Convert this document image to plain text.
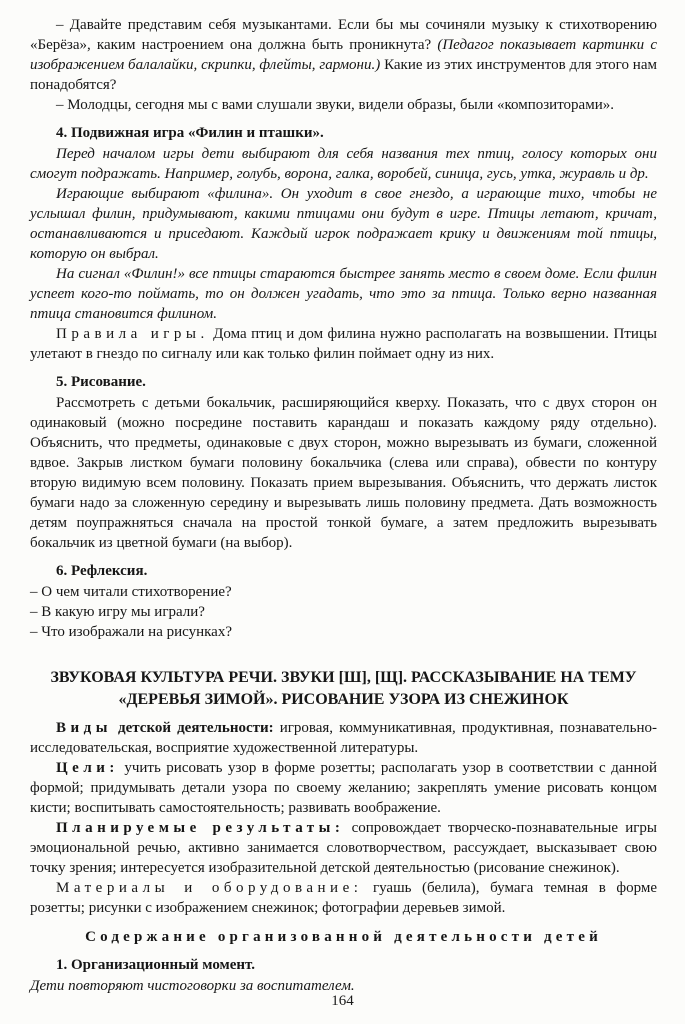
– Давайте представим себя музыкантами. Если бы мы сочиняли музыку к стихотворению «Берёза», каким настроением она должна быть проникнута? (Педагог показывает картинки с изображением балалайки, скрипки, флейты, гармони.) Какие из этих инструментов для этого нам понадобятся?

– Молодцы, сегодня мы с вами слушали звуки, видели образы, были «композиторами».

4. Подвижная игра «Филин и пташки».

Перед началом игры дети выбирают для себя названия тех птиц, голосу которых они смогут подражать. Например, голубь, ворона, галка, воробей, синица, гусь, утка, журавль и др.

Играющие выбирают «филина». Он уходит в свое гнездо, а играющие тихо, чтобы не услышал филин, придумывают, какими птицами они будут в игре. Птицы летают, кричат, останавливаются и приседают. Каждый игрок подражает крику и движениям той птицы, которую он выбрал.

На сигнал «Филин!» все птицы стараются быстрее занять место в своем доме. Если филин успеет кого-то поймать, то он должен угадать, что это за птица. Только верно названная птица становится филином.

Правила игры. Дома птиц и дом филина нужно располагать на возвышении. Птицы улетают в гнездо по сигналу или как только филин поймает одну из них.

5. Рисование.

Рассмотреть с детьми бокальчик, расширяющийся кверху. Показать, что с двух сторон он одинаковый (можно посредине поставить карандаш и показать каждому ряду отдельно). Объяснить, что предметы, одинаковые с двух сторон, можно вырезывать из бумаги, сложенной вдвое. Закрыв листком бумаги половину бокальчика (слева или справа), обвести по контуру вторую видимую всем половину. Показать прием вырезывания. Объяснить, что держать листок бумаги надо за сложенную середину и вырезывать лишь половину предмета. Дать возможность детям поупражняться сначала на простой тонкой бумаге, а затем предложить вырезывать бокальчик из цветной бумаги (на выбор).

6. Рефлексия.

– О чем читали стихотворение?

– В какую игру мы играли?

– Что изображали на рисунках?

ЗВУКОВАЯ КУЛЬТУРА РЕЧИ. ЗВУКИ [Ш], [Щ]. РАССКАЗЫВАНИЕ НА ТЕМУ «ДЕРЕВЬЯ ЗИМОЙ». РИСОВАНИЕ УЗОРА ИЗ СНЕЖИНОК

Виды детской деятельности: игровая, коммуникативная, продуктивная, познавательно-исследовательская, восприятие художественной литературы.

Цели: учить рисовать узор в форме розетты; располагать узор в соответствии с данной формой; придумывать детали узора по своему желанию; закреплять умение рисовать концом кисти; воспитывать самостоятельность; развивать воображение.

Планируемые результаты: сопровождает творческо-познавательные игры эмоциональной речью, активно занимается словотворчеством, рассуждает, высказывает свою точку зрения; интересуется изобразительной детской деятельностью (рисование снежинок).

Материалы и оборудование: гуашь (белила), бумага темная в форме розетты; рисунки с изображением снежинок; фотографии деревьев зимой.

Содержание организованной деятельности детей

1. Организационный момент.

Дети повторяют чистоговорки за воспитателем.

164
